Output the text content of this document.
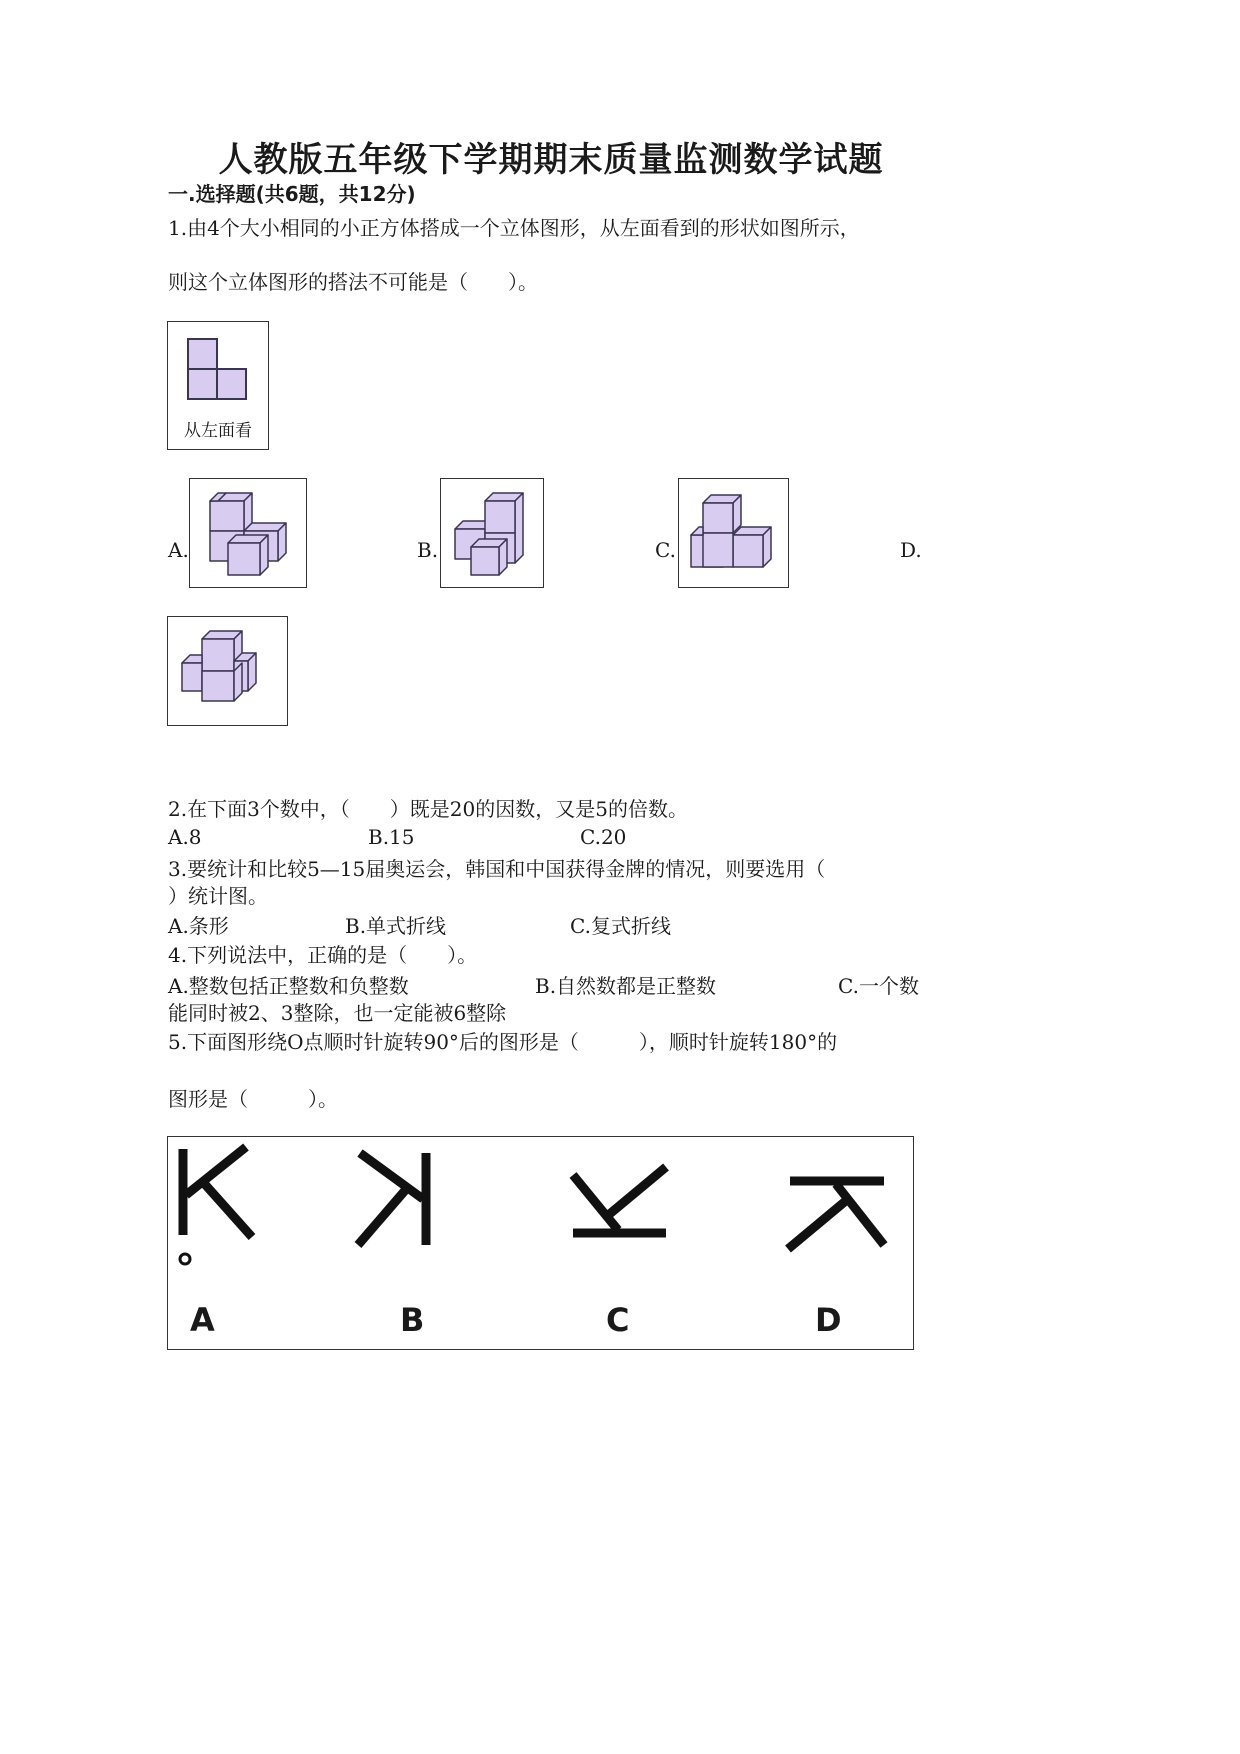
人教版五年级下学期期末质量监测数学试题
一.选择题(共6题，共12分)
1.由4个大小相同的小正方体搭成一个立体图形，从左面看到的形状如图所示，
则这个立体图形的搭法不可能是（　　）。
从左面看
A.	B.	C.	D.
2.在下面3个数中，（　　）既是20的因数，又是5的倍数。
A.8	B.15	C.20
3.要统计和比较5—15届奥运会，韩国和中国获得金牌的情况，则要选用（
）统计图。
A.条形	B.单式折线	C.复式折线
4.下列说法中，正确的是（　　）。
A.整数包括正整数和负整数	B.自然数都是正整数	C.一个数
能同时被2、3整除，也一定能被6整除
5.下面图形绕O点顺时针旋转90°后的图形是（　　　），顺时针旋转180°的
图形是（　　　）。
A	B	C	D
